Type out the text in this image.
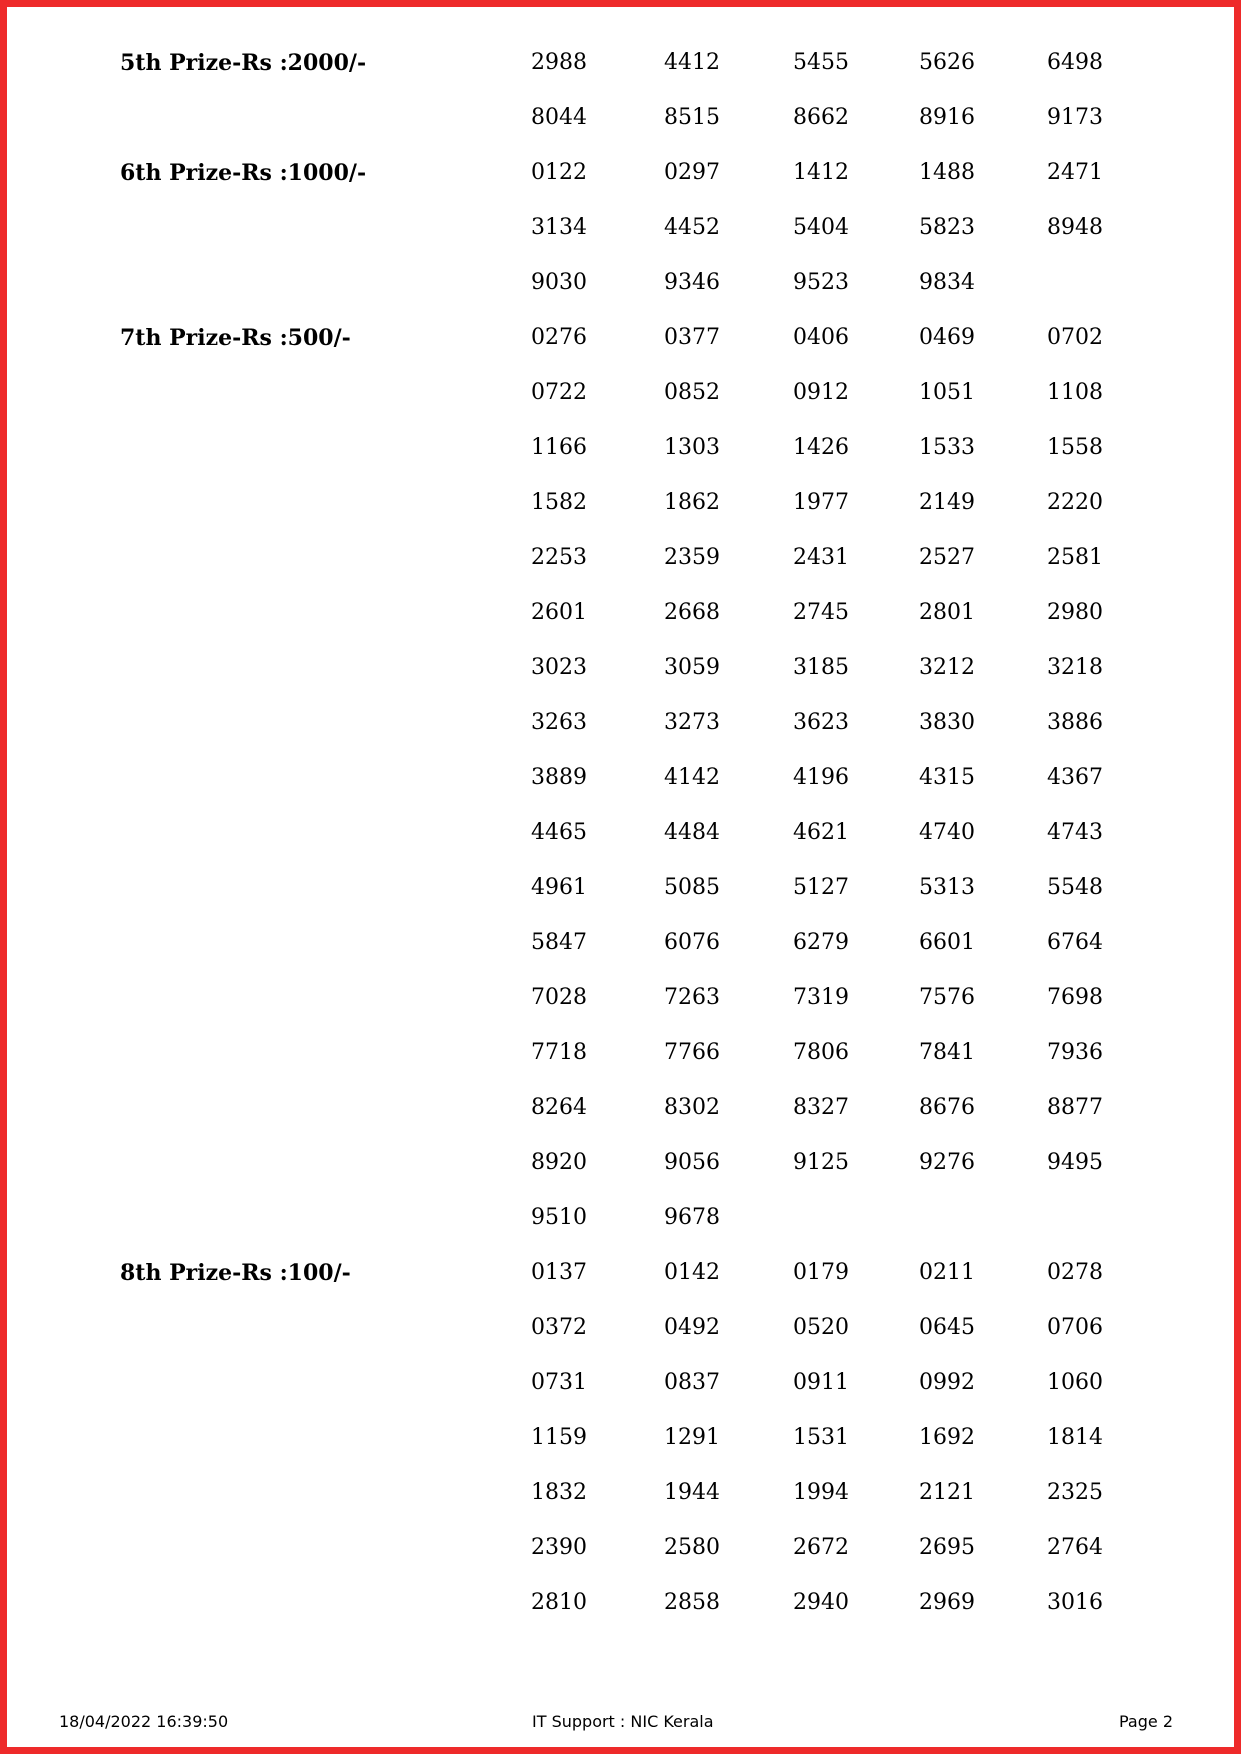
5th Prize-Rs :2000/-	2988	4412	5455	5626	6498
8044	8515	8662	8916	9173
6th Prize-Rs :1000/-	0122	0297	1412	1488	2471
3134	4452	5404	5823	8948
9030	9346	9523	9834
7th Prize-Rs :500/-	0276	0377	0406	0469	0702
0722	0852	0912	1051	1108
1166	1303	1426	1533	1558
1582	1862	1977	2149	2220
2253	2359	2431	2527	2581
2601	2668	2745	2801	2980
3023	3059	3185	3212	3218
3263	3273	3623	3830	3886
3889	4142	4196	4315	4367
4465	4484	4621	4740	4743
4961	5085	5127	5313	5548
5847	6076	6279	6601	6764
7028	7263	7319	7576	7698
7718	7766	7806	7841	7936
8264	8302	8327	8676	8877
8920	9056	9125	9276	9495
9510	9678
8th Prize-Rs :100/-	0137	0142	0179	0211	0278
0372	0492	0520	0645	0706
0731	0837	0911	0992	1060
1159	1291	1531	1692	1814
1832	1944	1994	2121	2325
2390	2580	2672	2695	2764
2810	2858	2940	2969	3016
18/04/2022 16:39:50	IT Support : NIC Kerala	Page 2
